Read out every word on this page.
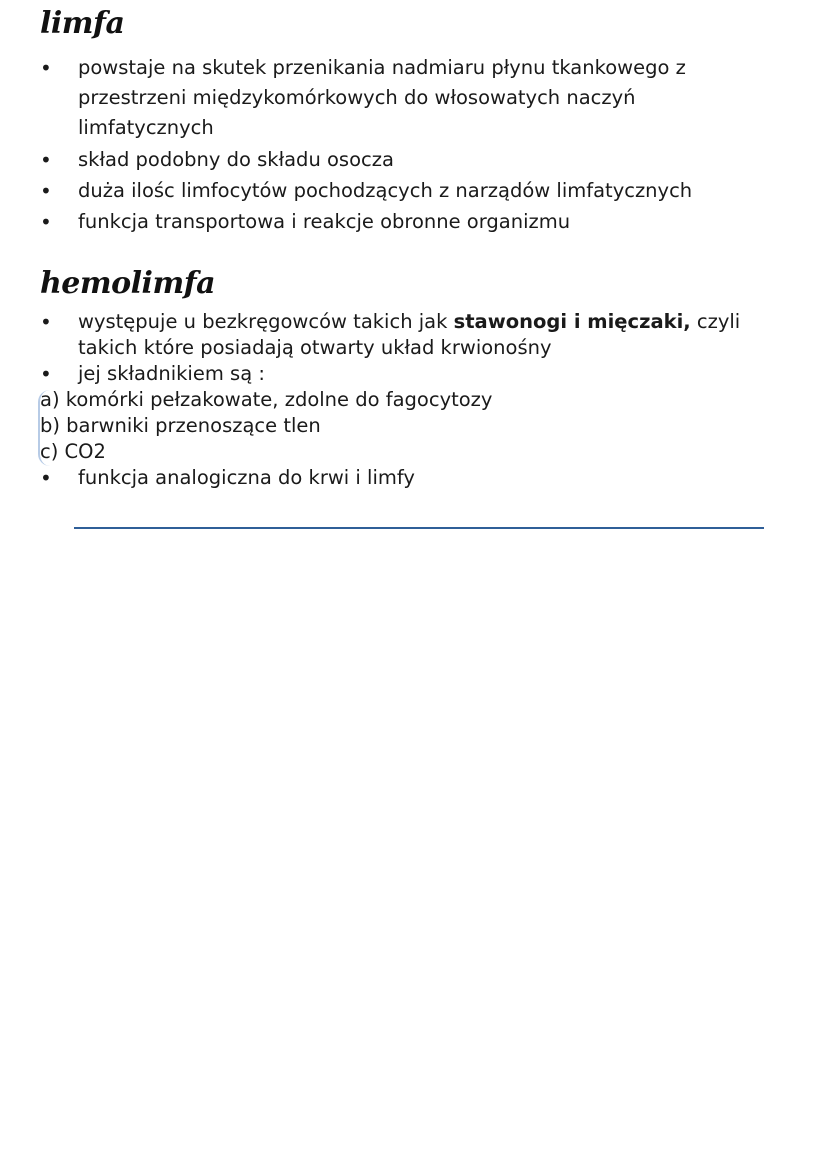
limfa
• powstaje na skutek przenikania nadmiaru płynu tkankowego z przestrzeni międzykomórkowych do włosowatych naczyń limfatycznych
• skład podobny do składu osocza
• duża ilośc limfocytów pochodzących z narządów limfatycznych
• funkcja transportowa i reakcje obronne organizmu
hemolimfa
• występuje u bezkręgowców takich jak stawonogi i mięczaki, czyli takich które posiadają otwarty układ krwionośny
• jej składnikiem są :
a) komórki pełzakowate, zdolne do fagocytozy
b) barwniki przenoszące tlen
c) CO2
• funkcja analogiczna do krwi i limfy
